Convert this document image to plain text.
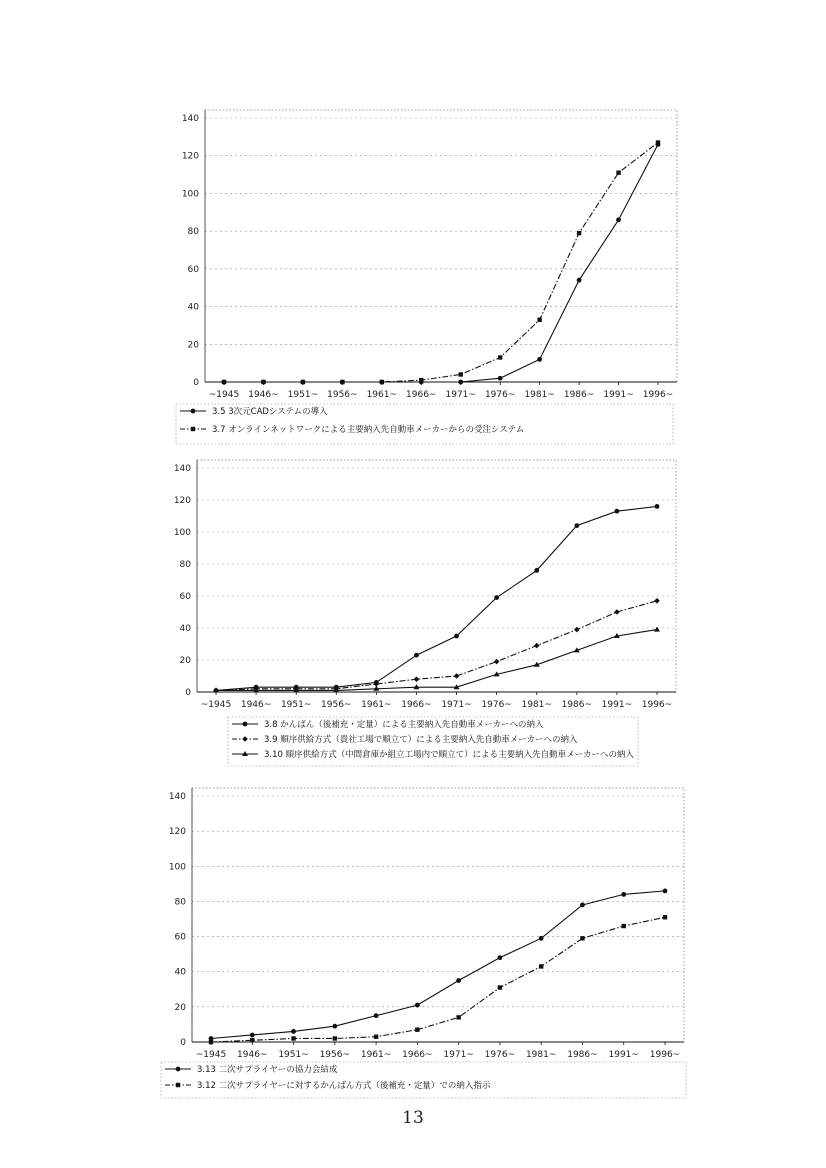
0
20
40
60
80
100
120
140
~1945 1946~ 1951~ 1956~ 1961~ 1966~ 1971~ 1976~ 1981~ 1986~ 1991~ 1996~
3.5 3次元CADシステムの導入
3.7 オンラインネットワークによる主要納入先自動車メーカーからの受注システム
0
20
40
60
80
100
120
140
~1945 1946~ 1951~ 1956~ 1961~ 1966~ 1971~ 1976~ 1981~ 1986~ 1991~ 1996~
3.8 かんばん（後補充・定量）による主要納入先自動車メーカーへの納入
3.9 順序供給方式（貴社工場で順立て）による主要納入先自動車メーカーへの納入
3.10 順序供給方式（中間倉庫か組立工場内で順立て）による主要納入先自動車メーカーへの納入
0
20
40
60
80
100
120
140
~1945 1946~ 1951~ 1956~ 1961~ 1966~ 1971~ 1976~ 1981~ 1986~ 1991~ 1996~
3.13 二次サプライヤーの協力会結成
3.12 二次サプライヤーに対するかんばん方式（後補充・定量）での納入指示
13
